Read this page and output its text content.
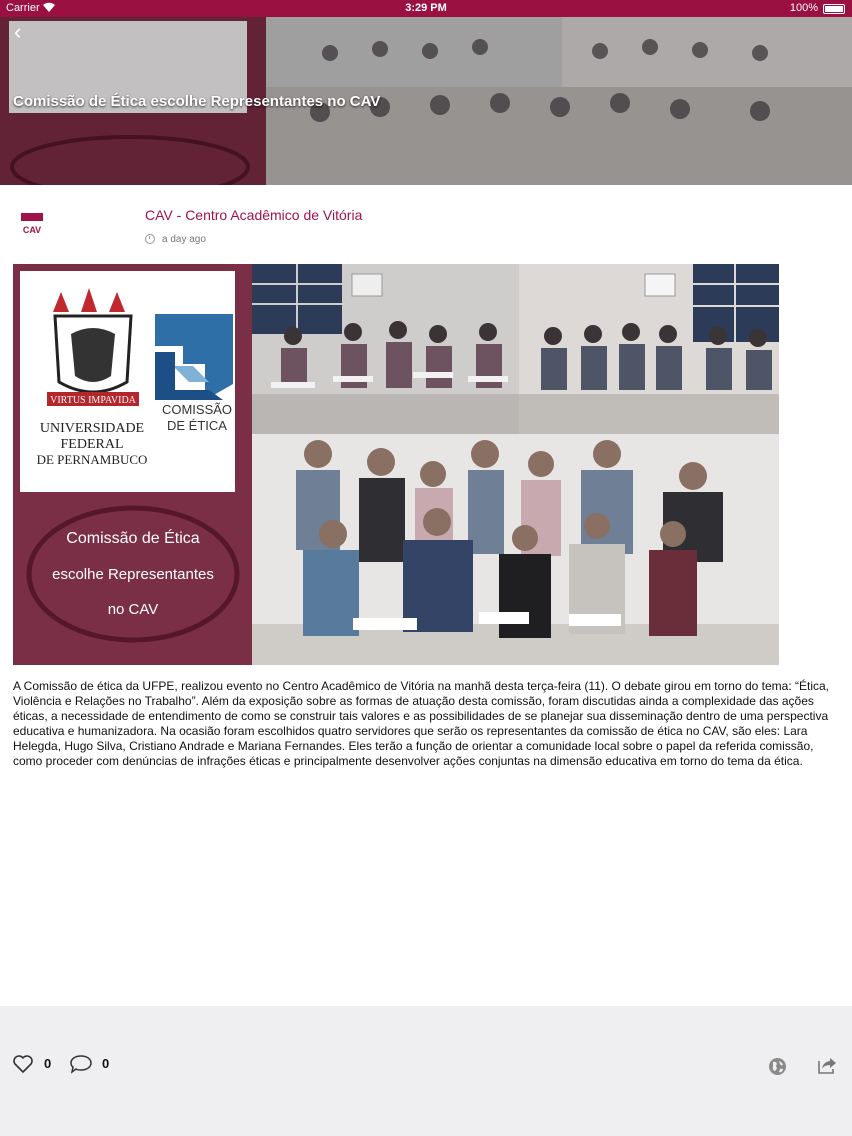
Carrier	3:29 PM	100%
‹
Comissão de Ética escolhe Representantes no CAV
CAV
CAV - Centro Acadêmico de Vitória
a day ago
VIRTUS IMPAVIDA
UNIVERSIDADE
FEDERAL
DE PERNAMBUCO
COMISSÃO
DE ÉTICA
Comissão de Ética
escolhe Representantes
no CAV
A Comissão de ética da UFPE, realizou evento no Centro Acadêmico de Vitória na manhã desta terça-feira (11). O debate girou em torno do tema: “Ética, Violência e Relações no Trabalho”. Além da exposição sobre as formas de atuação desta comissão, foram discutidas ainda a complexidade das ações éticas, a necessidade de entendimento de como se construir tais valores e as possibilidades de se planejar sua disseminação dentro de uma perspectiva educativa e humanizadora. Na ocasião foram escolhidos quatro servidores que serão os representantes da comissão de ética no CAV, são eles: Lara Helegda, Hugo Silva, Cristiano Andrade e Mariana Fernandes. Eles terão a função de orientar a comunidade local sobre o papel da referida comissão, como proceder com denúncias de infrações éticas e principalmente desenvolver ações conjuntas na dimensão educativa em torno do tema da ética.
0	0
